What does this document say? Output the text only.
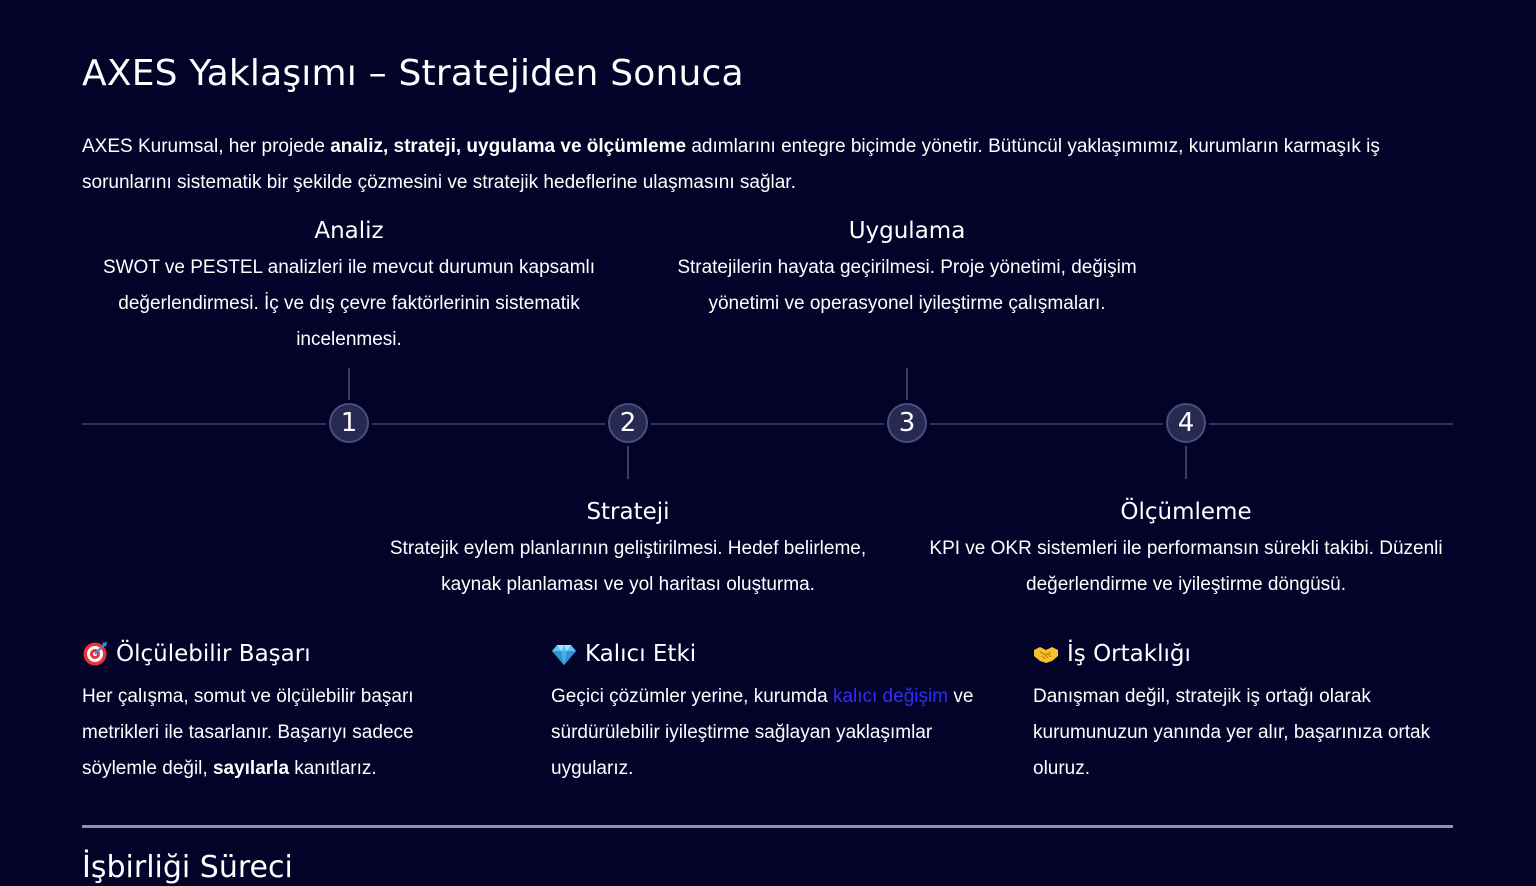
AXES Yaklaşımı – Stratejiden Sonuca

AXES Kurumsal, her projede analiz, strateji, uygulama ve ölçümleme adımlarını entegre biçimde yönetir. Bütüncül yaklaşımımız, kurumların karmaşık iş sorunlarını sistematik bir şekilde çözmesini ve stratejik hedeflerine ulaşmasını sağlar.

Analiz
SWOT ve PESTEL analizleri ile mevcut durumun kapsamlı değerlendirmesi. İç ve dış çevre faktörlerinin sistematik incelenmesi.
Uygulama
Stratejilerin hayata geçirilmesi. Proje yönetimi, değişim yönetimi ve operasyonel iyileştirme çalışmaları.
1	2	3	4
Strateji
Stratejik eylem planlarının geliştirilmesi. Hedef belirleme, kaynak planlaması ve yol haritası oluşturma.
Ölçümleme
KPI ve OKR sistemleri ile performansın sürekli takibi. Düzenli değerlendirme ve iyileştirme döngüsü.
Ölçülebilir Başarı
Her çalışma, somut ve ölçülebilir başarı metrikleri ile tasarlanır. Başarıyı sadece söylemle değil, sayılarla kanıtlarız.
Kalıcı Etki
Geçici çözümler yerine, kurumda kalıcı değişim ve sürdürülebilir iyileştirme sağlayan yaklaşımlar uygularız.
İş Ortaklığı
Danışman değil, stratejik iş ortağı olarak kurumunuzun yanında yer alır, başarınıza ortak oluruz.
İşbirliği Süreci
